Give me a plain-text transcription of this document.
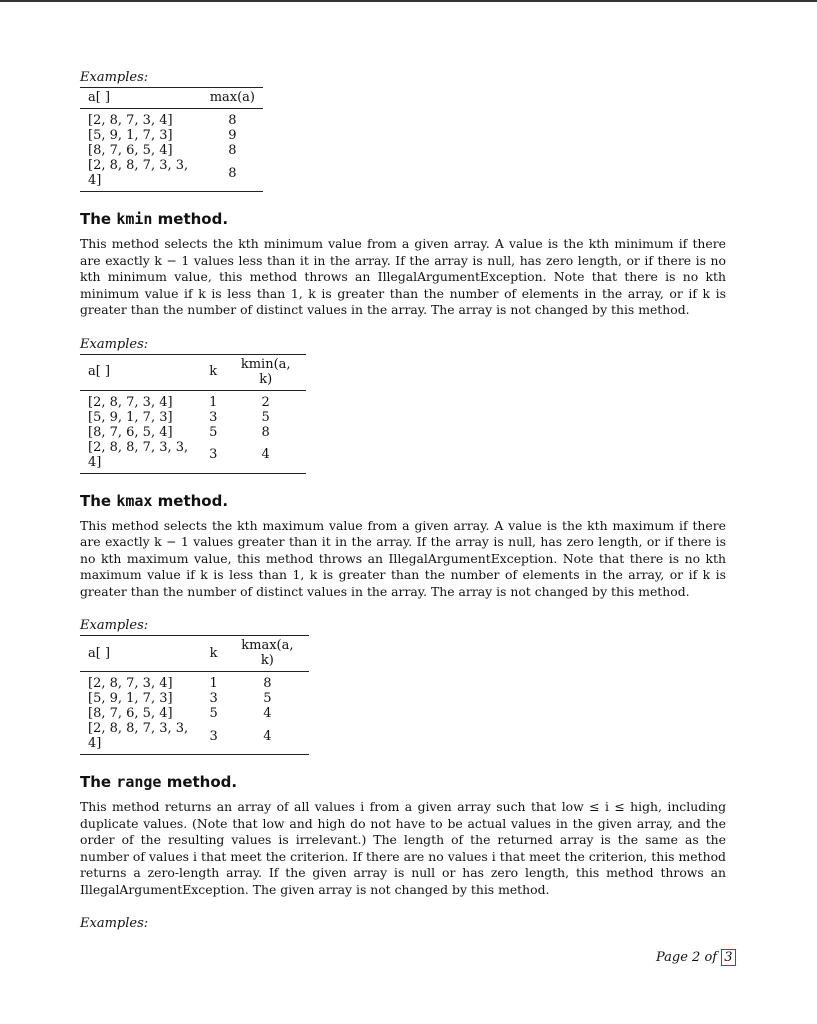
Examples:
a[ ]	max(a)
[2, 8, 7, 3, 4]	8
[5, 9, 1, 7, 3]	9
[8, 7, 6, 5, 4]	8
[2, 8, 8, 7, 3, 3, 4]	8
The kmin method.

This method selects the kth minimum value from a given array. A value is the kth minimum if there are exactly k − 1 values less than it in the array. If the array is null, has zero length, or if there is no kth minimum value, this method throws an IllegalArgumentException. Note that there is no kth minimum value if k is less than 1, k is greater than the number of elements in the array, or if k is greater than the number of distinct values in the array. The array is not changed by this method.

Examples:
a[ ]	k	kmin(a, k)
[2, 8, 7, 3, 4]	1	2
[5, 9, 1, 7, 3]	3	5
[8, 7, 6, 5, 4]	5	8
[2, 8, 8, 7, 3, 3, 4]	3	4
The kmax method.

This method selects the kth maximum value from a given array. A value is the kth maximum if there are exactly k − 1 values greater than it in the array. If the array is null, has zero length, or if there is no kth maximum value, this method throws an IllegalArgumentException. Note that there is no kth maximum value if k is less than 1, k is greater than the number of elements in the array, or if k is greater than the number of distinct values in the array. The array is not changed by this method.

Examples:
a[ ]	k	kmax(a, k)
[2, 8, 7, 3, 4]	1	8
[5, 9, 1, 7, 3]	3	5
[8, 7, 6, 5, 4]	5	4
[2, 8, 8, 7, 3, 3, 4]	3	4
The range method.

This method returns an array of all values i from a given array such that low ≤ i ≤ high, including duplicate values. (Note that low and high do not have to be actual values in the given array, and the order of the resulting values is irrelevant.) The length of the returned array is the same as the number of values i that meet the criterion. If there are no values i that meet the criterion, this method returns a zero-length array. If the given array is null or has zero length, this method throws an IllegalArgumentException. The given array is not changed by this method.

Examples:
Page 2 of 3
